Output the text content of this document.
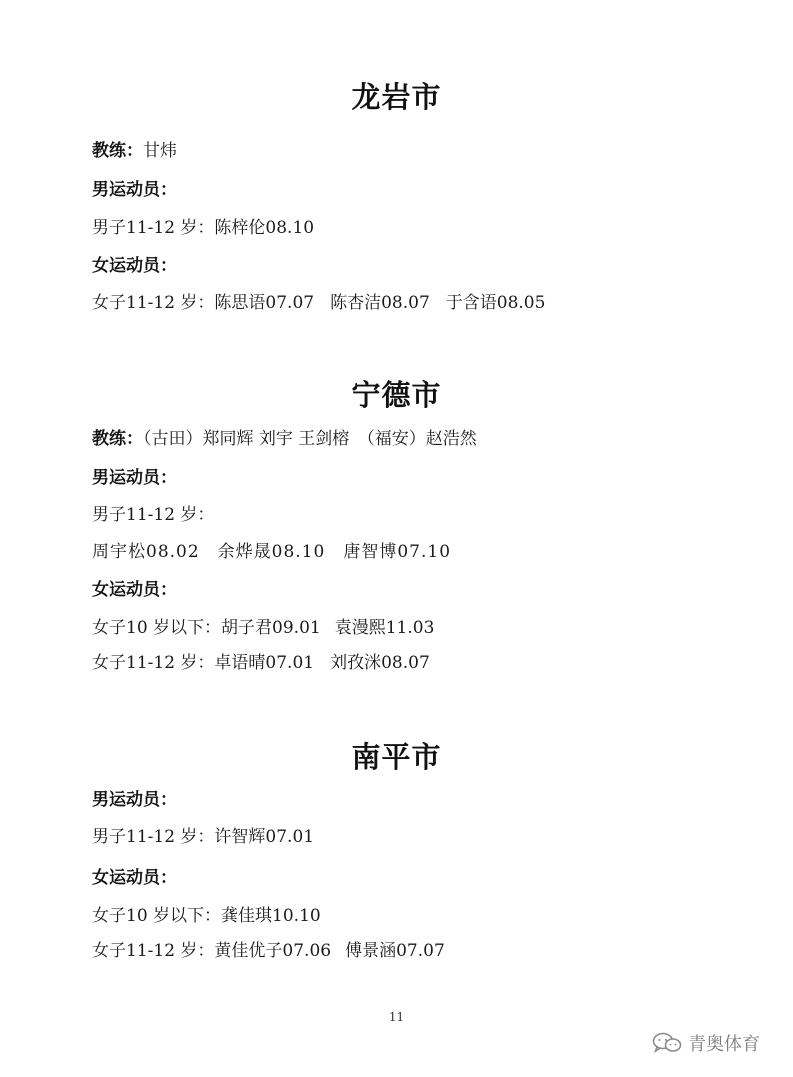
龙岩市
教练：甘炜
男运动员：
男子11-12 岁：陈梓伦08.10
女运动员：
女子11-12 岁：陈思语07.07 陈杏洁08.07 于含语08.05
宁德市
教练：（古田）郑同辉 刘宇 王剑榕　（福安）赵浩然
男运动员：
男子11-12 岁：
周宇松08.02 余烨晟08.10 唐智博07.10
女运动员：
女子10 岁以下：胡子君09.01 袁漫熙11.03
女子11-12 岁：卓语晴07.01 刘孜洣08.07
南平市
男运动员：
男子11-12 岁：许智辉07.01
女运动员：
女子10 岁以下：龚佳琪10.10
女子11-12 岁：黄佳优子07.06 傅景涵07.07
11
青奥体育
